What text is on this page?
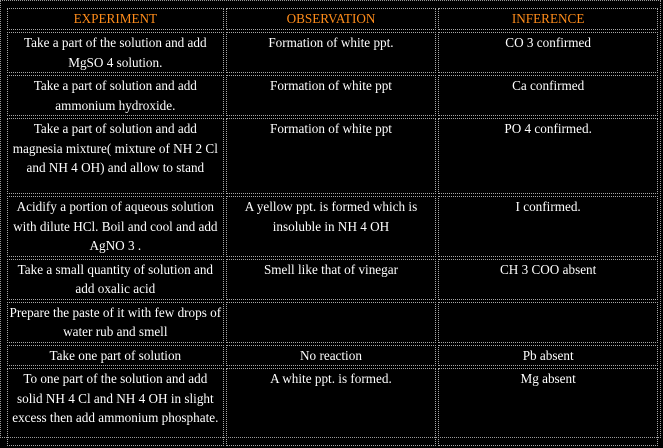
EXPERIMENT	OBSERVATION	INFERENCE
Take a part of the solution and add MgSO 4 solution.	Formation of white ppt.	CO 3 confirmed
Take a part of solution and add ammonium hydroxide.	Formation of white ppt	Ca confirmed
Take a part of solution and add magnesia mixture( mixture of NH 2 Cl and NH 4 OH) and allow to stand	Formation of white ppt	PO 4 confirmed.
Acidify a portion of aqueous solution with dilute HCl. Boil and cool and add AgNO 3 .	A yellow ppt. is formed which is insoluble in NH 4 OH	I confirmed.
Take a small quantity of solution and add oxalic acid	Smell like that of vinegar	CH 3 COO absent
Prepare the paste of it with few drops of water rub and smell		
Take one part of solution	No reaction	Pb absent
To one part of the solution and add solid NH 4 Cl and NH 4 OH in slight excess then add ammonium phosphate.	A white ppt. is formed.	Mg absent
